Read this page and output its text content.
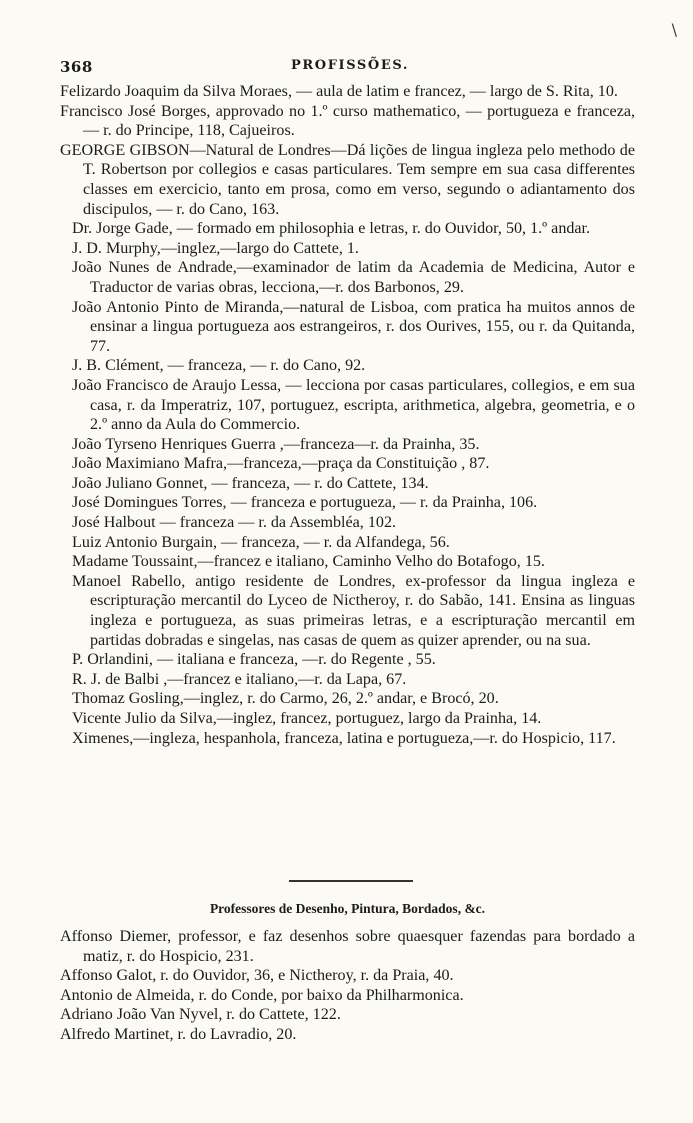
\
368	PROFISSÕES.
Felizardo Joaquim da Silva Moraes, — aula de latim e francez, — largo de S. Rita, 10.
Francisco José Borges, approvado no 1.º curso mathematico, — portugueza e franceza, — r. do Principe, 118, Cajueiros.
GEORGE GIBSON—Natural de Londres—Dá lições de lingua ingleza pelo methodo de T. Robertson por collegios e casas particulares. Tem sempre em sua casa differentes classes em exercicio, tanto em prosa, como em verso, segundo o adiantamento dos discipulos, — r. do Cano, 163.
Dr. Jorge Gade, — formado em philosophia e letras, r. do Ouvidor, 50, 1.º andar.
J. D. Murphy,—inglez,—largo do Cattete, 1.
João Nunes de Andrade,—examinador de latim da Academia de Medicina, Autor e Traductor de varias obras, lecciona,—r. dos Barbonos, 29.
João Antonio Pinto de Miranda,—natural de Lisboa, com pratica ha muitos annos de ensinar a lingua portugueza aos estrangeiros, r. dos Ourives, 155, ou r. da Quitanda, 77.
J. B. Clément, — franceza, — r. do Cano, 92.
João Francisco de Araujo Lessa, — lecciona por casas particulares, collegios, e em sua casa, r. da Imperatriz, 107, portuguez, escripta, arithmetica, algebra, geometria, e o 2.º anno da Aula do Commercio.
João Tyrseno Henriques Guerra ,—franceza—r. da Prainha, 35.
João Maximiano Mafra,—franceza,—praça da Constituição , 87.
João Juliano Gonnet, — franceza, — r. do Cattete, 134.
José Domingues Torres, — franceza e portugueza, — r. da Prainha, 106.
José Halbout — franceza — r. da Assembléa, 102.
Luiz Antonio Burgain, — franceza, — r. da Alfandega, 56.
Madame Toussaint,—francez e italiano, Caminho Velho do Botafogo, 15.
Manoel Rabello, antigo residente de Londres, ex-professor da lingua ingleza e escripturação mercantil do Lyceo de Nictheroy, r. do Sabão, 141. Ensina as linguas ingleza e portugueza, as suas primeiras letras, e a escripturação mercantil em partidas dobradas e singelas, nas casas de quem as quizer aprender, ou na sua.
P. Orlandini, — italiana e franceza, —r. do Regente , 55.
R. J. de Balbi ,—francez e italiano,—r. da Lapa, 67.
Thomaz Gosling,—inglez, r. do Carmo, 26, 2.º andar, e Brocó, 20.
Vicente Julio da Silva,—inglez, francez, portuguez, largo da Prainha, 14.
Ximenes,—ingleza, hespanhola, franceza, latina e portugueza,—r. do Hospicio, 117.
Professores de Desenho, Pintura, Bordados, &c.
Affonso Diemer, professor, e faz desenhos sobre quaesquer fazendas para bordado a matiz, r. do Hospicio, 231.
Affonso Galot, r. do Ouvidor, 36, e Nictheroy, r. da Praia, 40.
Antonio de Almeida, r. do Conde, por baixo da Philharmonica.
Adriano João Van Nyvel, r. do Cattete, 122.
Alfredo Martinet, r. do Lavradio, 20.
